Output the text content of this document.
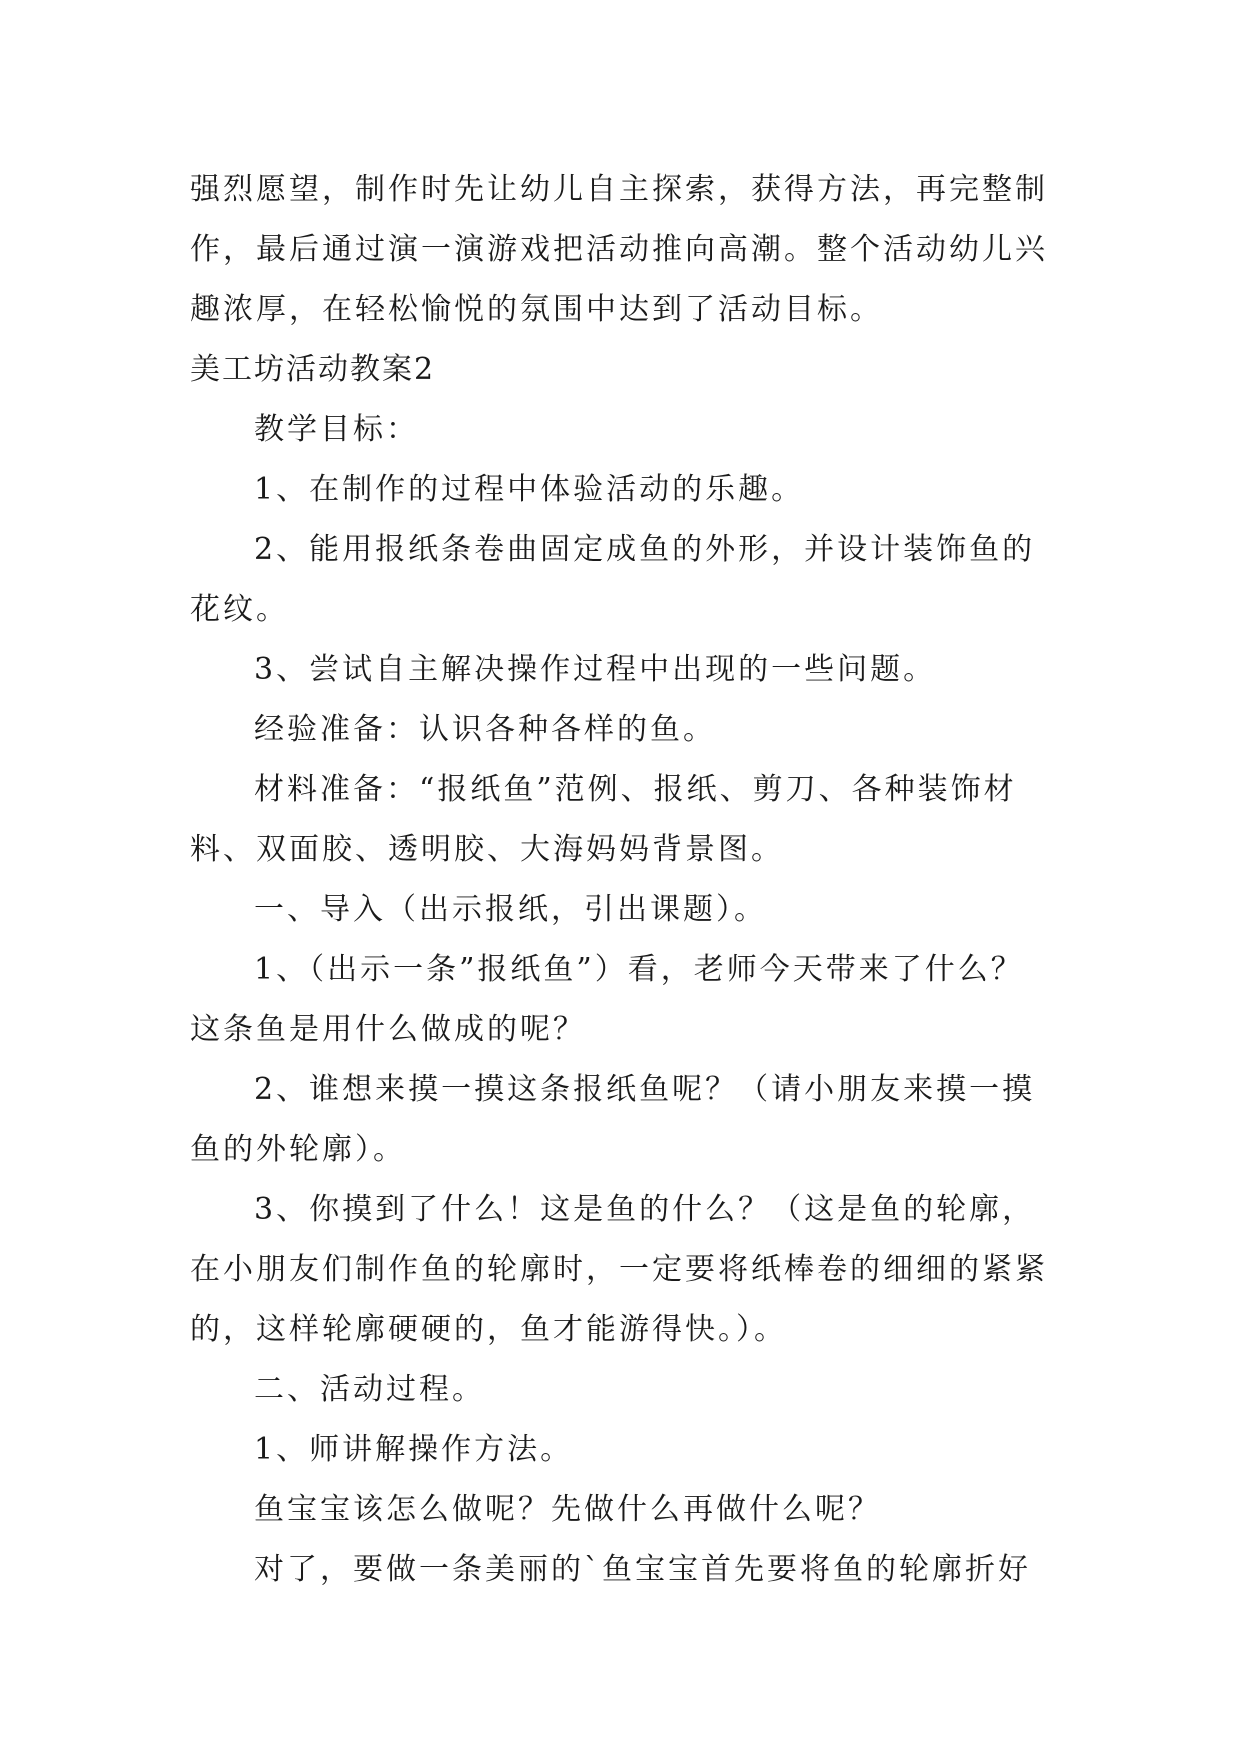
强烈愿望，制作时先让幼儿自主探索，获得方法，再完整制
作，最后通过演一演游戏把活动推向高潮。整个活动幼儿兴
趣浓厚，在轻松愉悦的氛围中达到了活动目标。
美工坊活动教案2
教学目标：
1、在制作的过程中体验活动的乐趣。
2、能用报纸条卷曲固定成鱼的外形，并设计装饰鱼的
花纹。
3、尝试自主解决操作过程中出现的一些问题。
经验准备：认识各种各样的鱼。
材料准备：“报纸鱼”范例、报纸、剪刀、各种装饰材
料、双面胶、透明胶、大海妈妈背景图。
一、导入（出示报纸，引出课题）。
1、（出示一条”报纸鱼”）看，老师今天带来了什么？
这条鱼是用什么做成的呢？
2、谁想来摸一摸这条报纸鱼呢？（请小朋友来摸一摸
鱼的外轮廓）。
3、你摸到了什么！这是鱼的什么？（这是鱼的轮廓，
在小朋友们制作鱼的轮廓时，一定要将纸棒卷的细细的紧紧
的，这样轮廓硬硬的，鱼才能游得快。）。
二、活动过程。
1、师讲解操作方法。
鱼宝宝该怎么做呢？先做什么再做什么呢？
对了，要做一条美丽的`鱼宝宝首先要将鱼的轮廓折好
